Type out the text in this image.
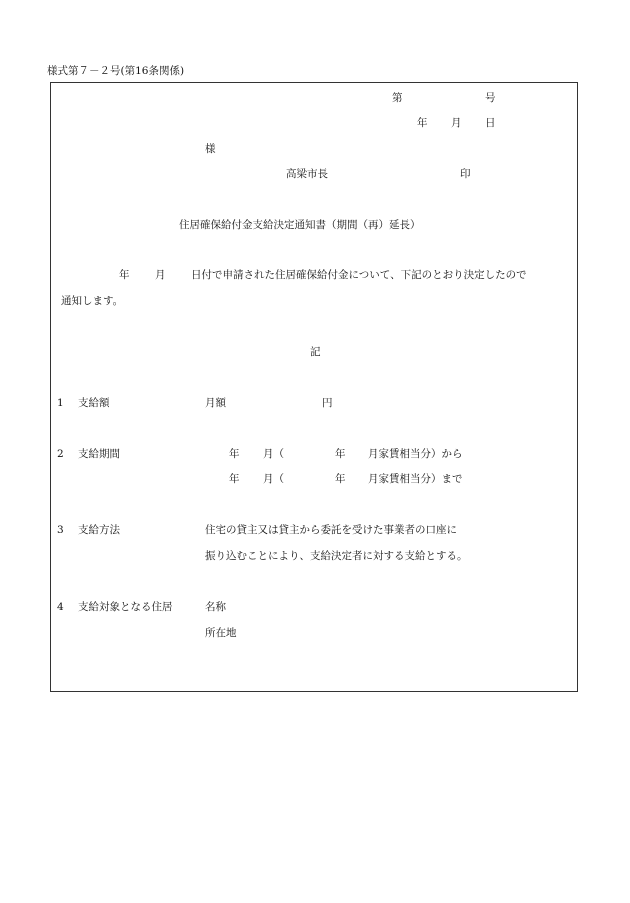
様式第７－２号(第16条関係)
第	号
年 月 日
様
高梁市長	印
住居確保給付金支給決定通知書（期間（再）延長）
年 月 日付で申請された住居確保給付金について、下記のとおり決定したので
通知します。
記
1 支給額	月額	円
2 支給期間	年 月（	年 月家賃相当分）から
年 月（	年 月家賃相当分）まで
3 支給方法	住宅の貸主又は貸主から委託を受けた事業者の口座に
振り込むことにより、支給決定者に対する支給とする。
4 支給対象となる住居	名称
所在地
